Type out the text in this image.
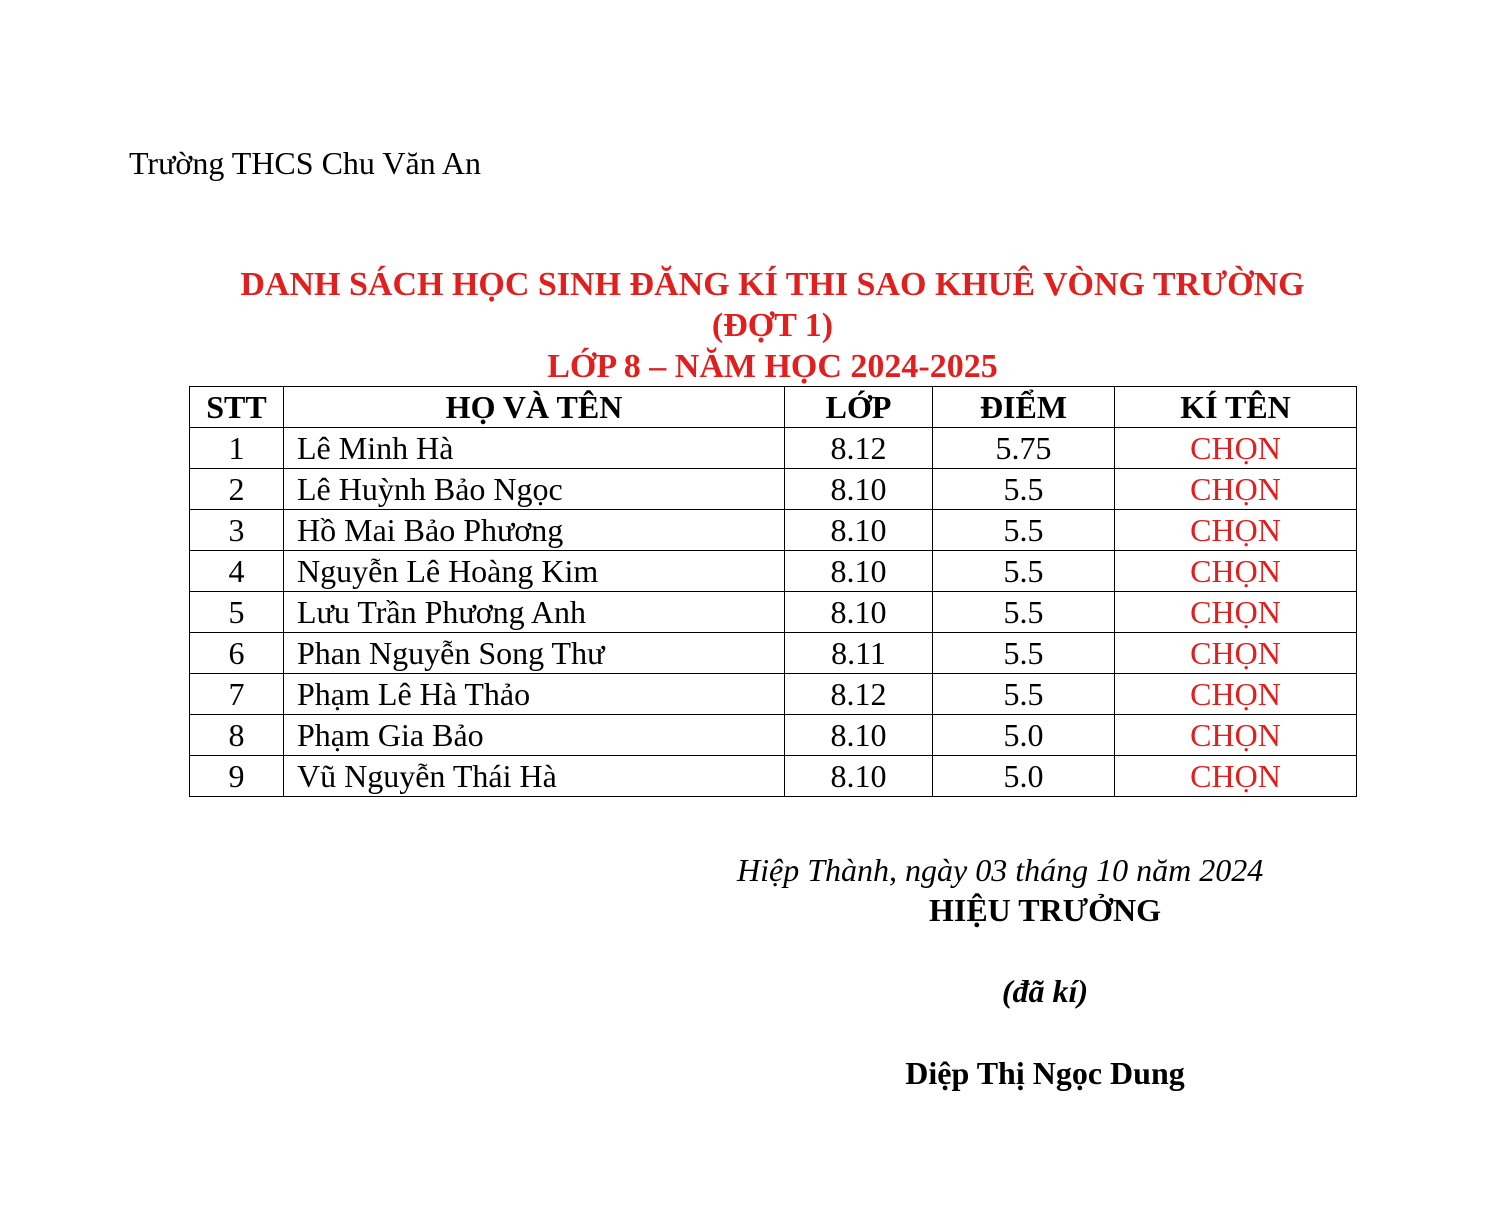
Trường THCS Chu Văn An
DANH SÁCH HỌC SINH ĐĂNG KÍ THI SAO KHUÊ VÒNG TRƯỜNG
(ĐỢT 1)
LỚP 8 – NĂM HỌC 2024-2025
STT	HỌ VÀ TÊN	LỚP	ĐIỂM	KÍ TÊN
1	Lê Minh Hà	8.12	5.75	CHỌN
2	Lê Huỳnh Bảo Ngọc	8.10	5.5	CHỌN
3	Hồ Mai Bảo Phương	8.10	5.5	CHỌN
4	Nguyễn Lê Hoàng Kim	8.10	5.5	CHỌN
5	Lưu Trần Phương Anh	8.10	5.5	CHỌN
6	Phan Nguyễn Song Thư	8.11	5.5	CHỌN
7	Phạm Lê Hà Thảo	8.12	5.5	CHỌN
8	Phạm Gia Bảo	8.10	5.0	CHỌN
9	Vũ Nguyễn Thái Hà	8.10	5.0	CHỌN
Hiệp Thành, ngày 03 tháng 10 năm 2024
HIỆU TRƯỞNG
(đã kí)
Diệp Thị Ngọc Dung
